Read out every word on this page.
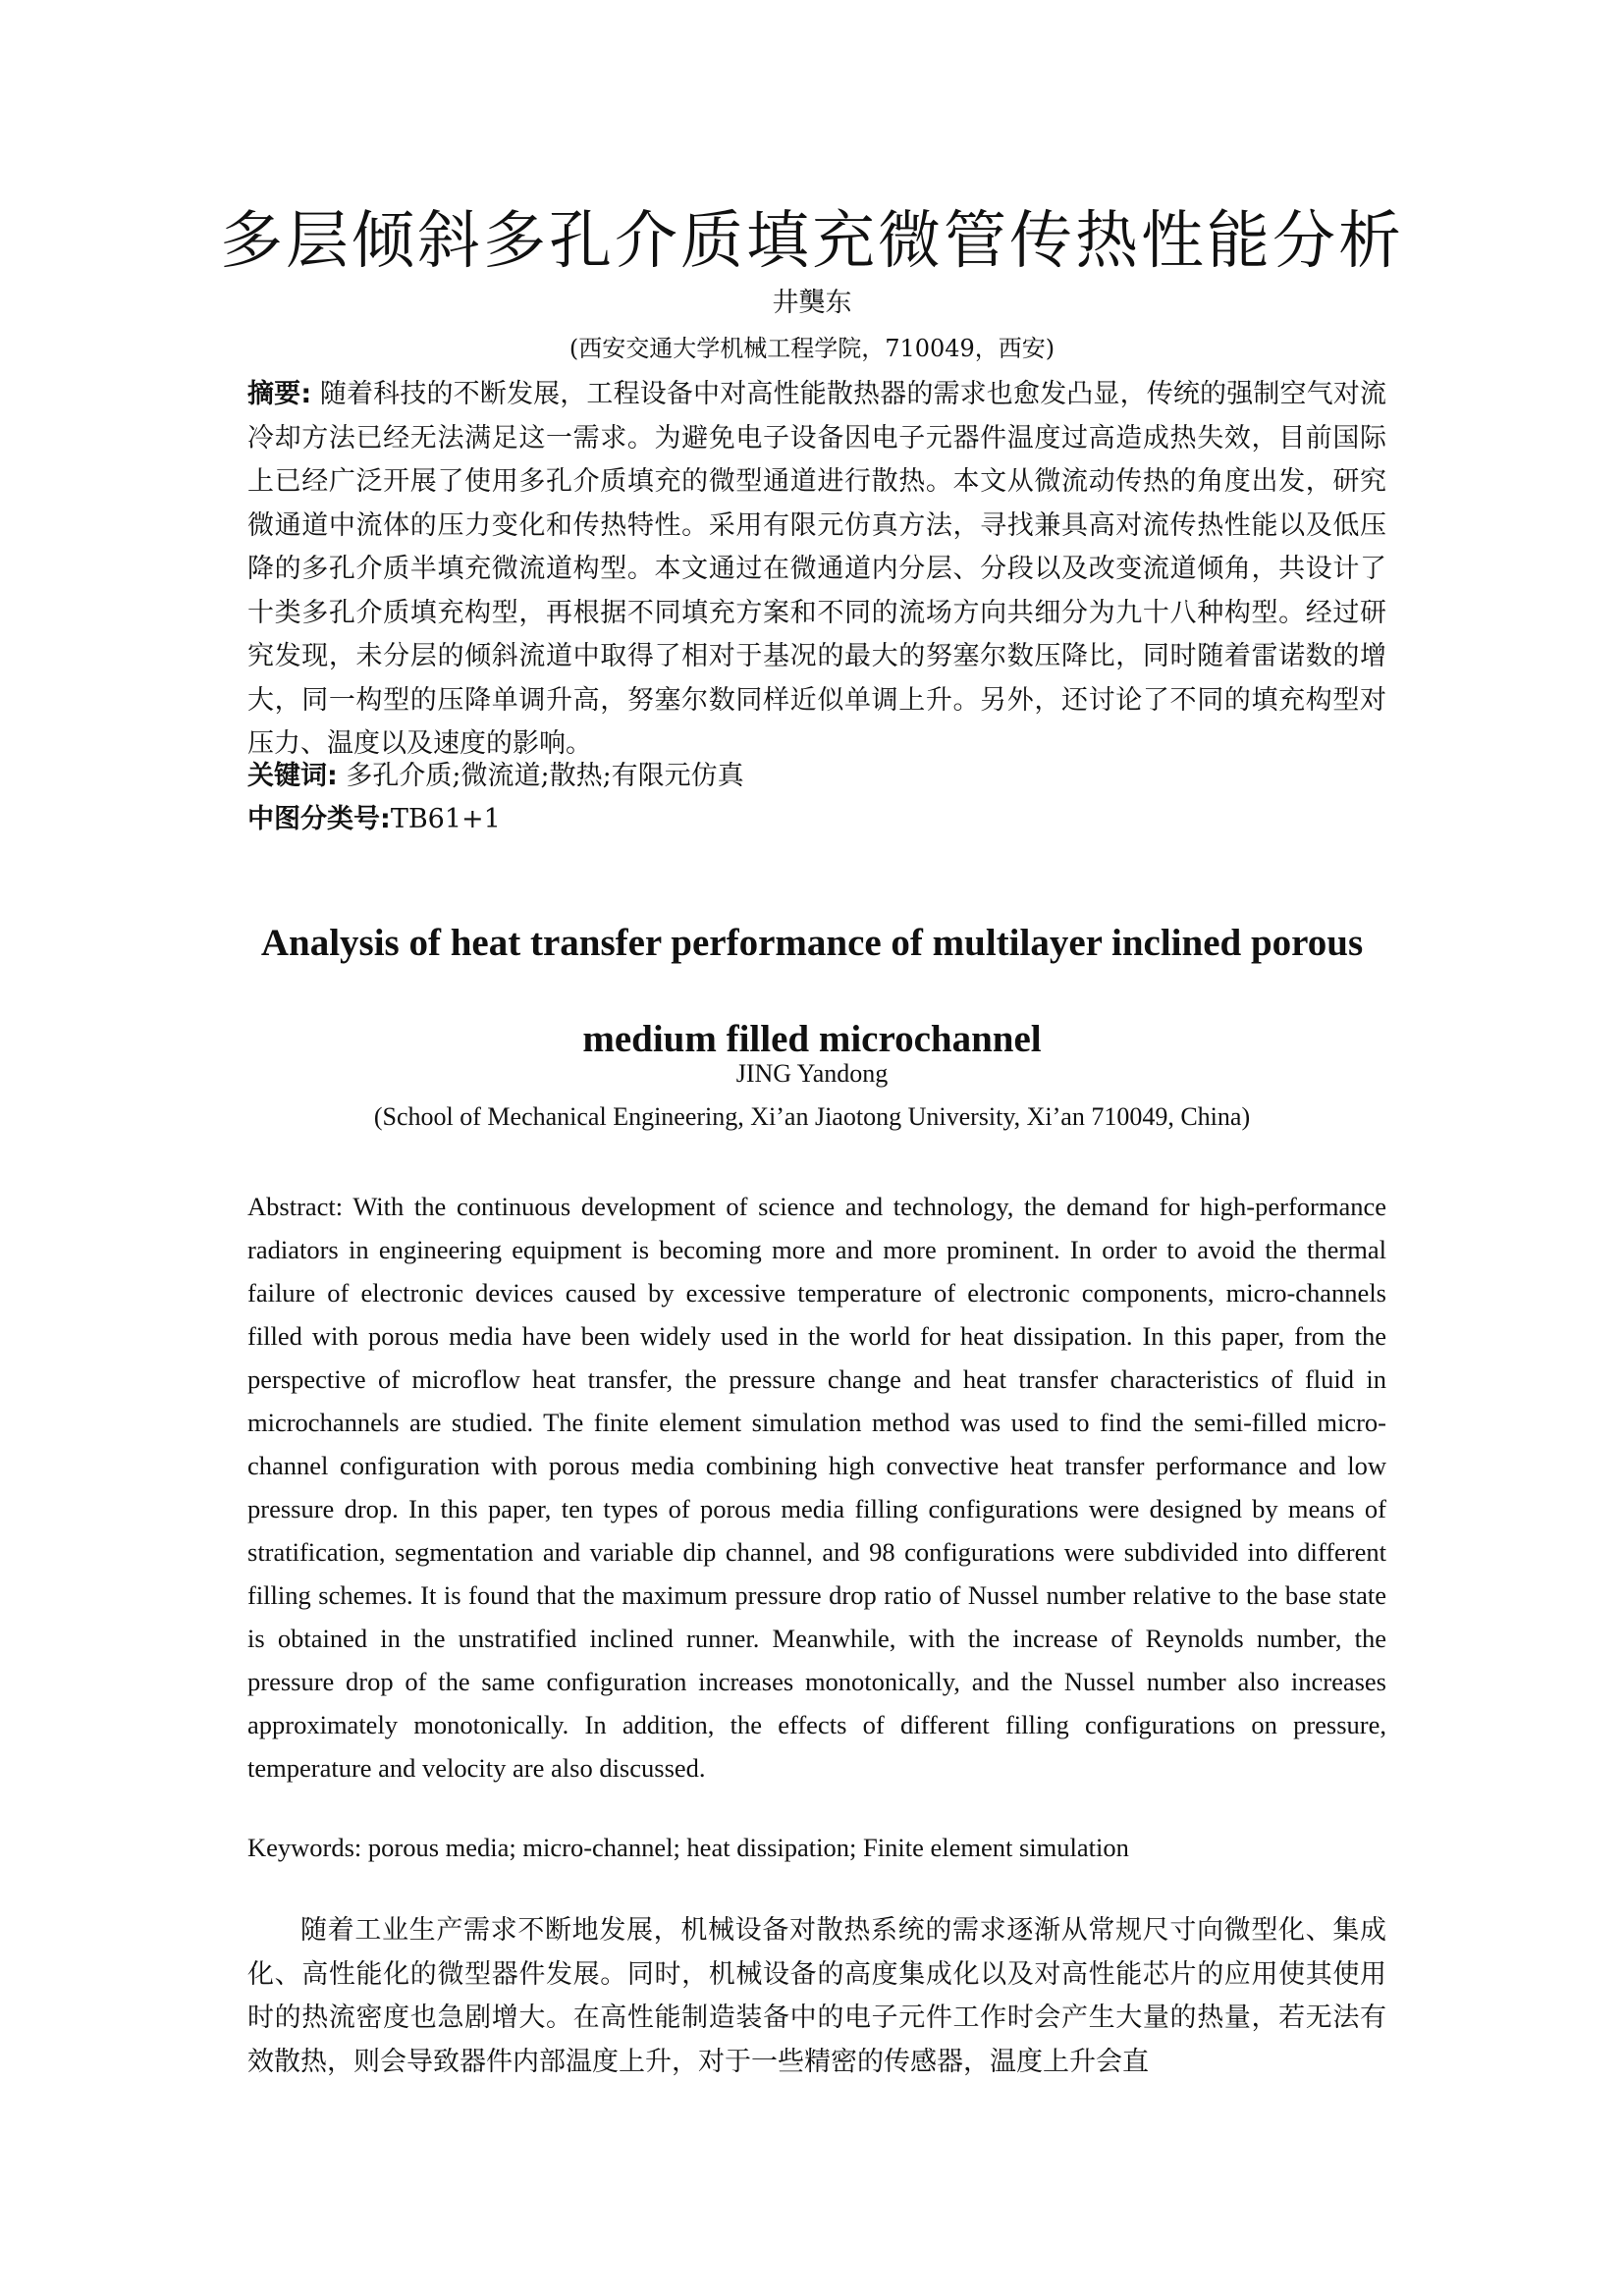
多层倾斜多孔介质填充微管传热性能分析
井龑东
(西安交通大学机械工程学院，710049，西安)
摘要: 随着科技的不断发展，工程设备中对高性能散热器的需求也愈发凸显，传统的强制空气对流冷却方法已经无法满足这一需求。为避免电子设备因电子元器件温度过高造成热失效，目前国际上已经广泛开展了使用多孔介质填充的微型通道进行散热。本文从微流动传热的角度出发，研究微通道中流体的压力变化和传热特性。采用有限元仿真方法，寻找兼具高对流传热性能以及低压降的多孔介质半填充微流道构型。本文通过在微通道内分层、分段以及改变流道倾角，共设计了十类多孔介质填充构型，再根据不同填充方案和不同的流场方向共细分为九十八种构型。经过研究发现，未分层的倾斜流道中取得了相对于基况的最大的努塞尔数压降比，同时随着雷诺数的增大，同一构型的压降单调升高，努塞尔数同样近似单调上升。另外，还讨论了不同的填充构型对压力、温度以及速度的影响。
关键词: 多孔介质;微流道;散热;有限元仿真
中图分类号:TB61+1
Analysis of heat transfer performance of multilayer inclined porous
medium filled microchannel
JING Yandong
(School of Mechanical Engineering, Xi’an Jiaotong University, Xi’an 710049, China)
Abstract: With the continuous development of science and technology, the demand for high-performance radiators in engineering equipment is becoming more and more prominent. In order to avoid the thermal failure of electronic devices caused by excessive temperature of electronic components, micro-channels filled with porous media have been widely used in the world for heat dissipation. In this paper, from the perspective of microflow heat transfer, the pressure change and heat transfer characteristics of fluid in microchannels are studied. The finite element simulation method was used to find the semi-filled micro-channel configuration with porous media combining high convective heat transfer performance and low pressure drop. In this paper, ten types of porous media filling configurations were designed by means of stratification, segmentation and variable dip channel, and 98 configurations were subdivided into different filling schemes. It is found that the maximum pressure drop ratio of Nussel number relative to the base state is obtained in the unstratified inclined runner. Meanwhile, with the increase of Reynolds number, the pressure drop of the same configuration increases monotonically, and the Nussel number also increases approximately monotonically. In addition, the effects of different filling configurations on pressure, temperature and velocity are also discussed.
Keywords: porous media; micro-channel; heat dissipation; Finite element simulation
随着工业生产需求不断地发展，机械设备对散热系统的需求逐渐从常规尺寸向微型化、集成化、高性能化的微型器件发展。同时，机械设备的高度集成化以及对高性能芯片的应用使其使用时的热流密度也急剧增大。在高性能制造装备中的电子元件工作时会产生大量的热量，若无法有效散热，则会导致器件内部温度上升，对于一些精密的传感器，温度上升会直
